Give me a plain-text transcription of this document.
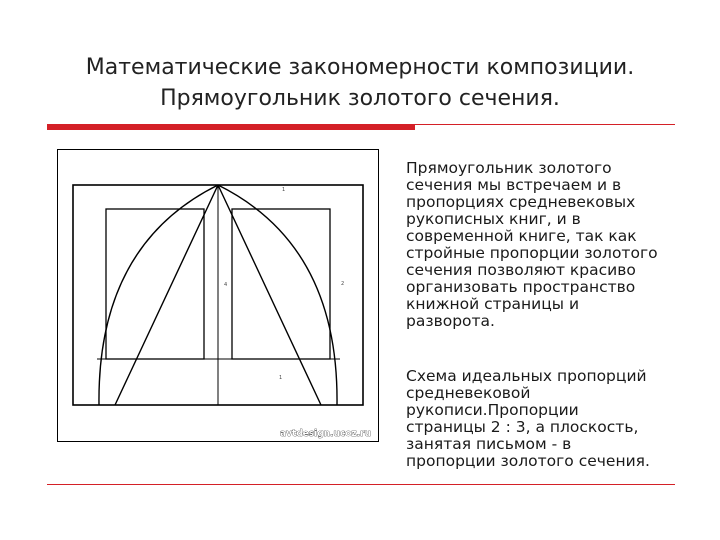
Математические закономерности композиции.
Прямоугольник золотого сечения.
1
4	2
1
avtdesign.ucoz.ru

Прямоугольник золотого
сечения мы встречаем и в
пропорциях средневековых
рукописных книг, и в
современной книге, так как
стройные пропорции золотого
сечения позволяют красиво
организовать пространство
книжной страницы и
разворота.

Схема идеальных пропорций
средневековой
рукописи.Пропорции
страницы 2 : 3, а плоскость,
занятая письмом - в
пропорции золотого сечения.
